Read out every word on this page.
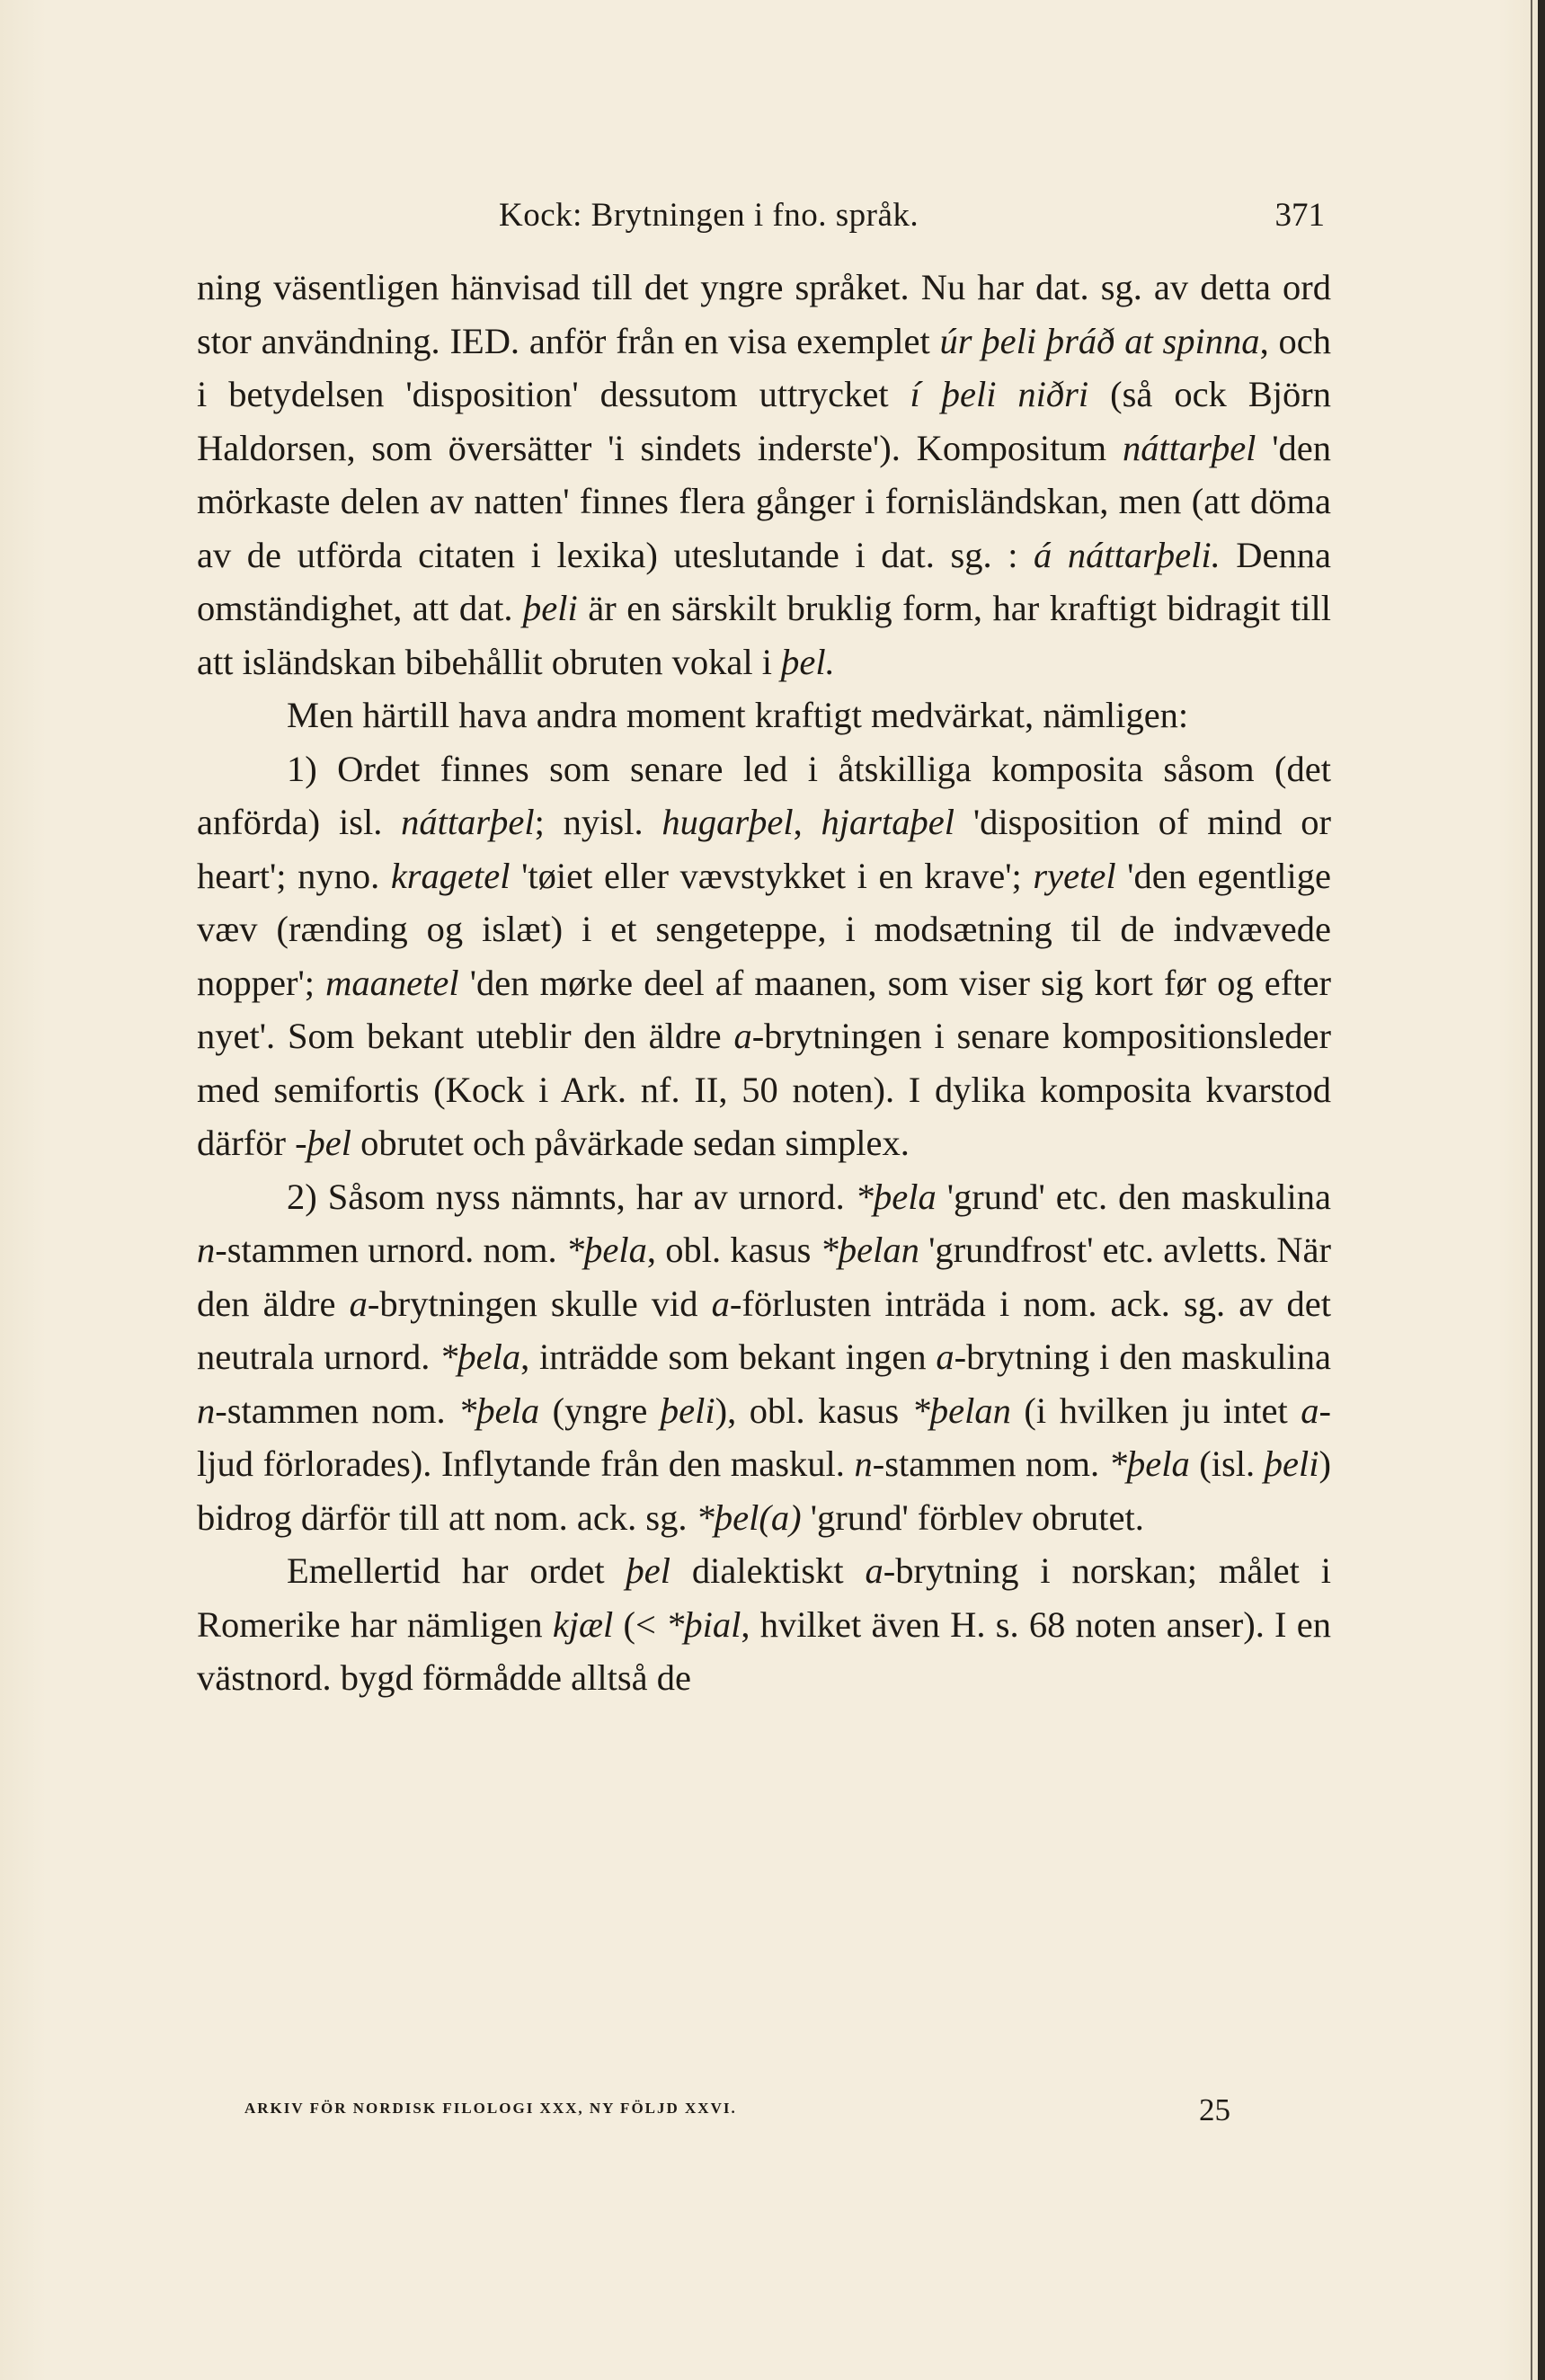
Kock: Brytningen i fno. språk.	371

ning väsentligen hänvisad till det yngre språket. Nu har dat. sg. av detta ord stor användning. IED. anför från en visa exemplet úr þeli þráð at spinna, och i betydelsen 'disposition' dessutom uttrycket í þeli niðri (så ock Björn Haldorsen, som översätter 'i sindets inderste'). Kompositum náttarþel 'den mörkaste delen av natten' finnes flera gånger i fornisländskan, men (att döma av de utförda citaten i lexika) uteslutande i dat. sg. : á náttarþeli. Denna omständighet, att dat. þeli är en särskilt bruklig form, har kraftigt bidragit till att isländskan bibehållit obruten vokal i þel.

Men härtill hava andra moment kraftigt medvärkat, nämligen:

1) Ordet finnes som senare led i åtskilliga komposita såsom (det anförda) isl. náttarþel; nyisl. hugarþel, hjartaþel 'disposition of mind or heart'; nyno. kragetel 'tøiet eller vævstykket i en krave'; ryetel 'den egentlige væv (rænding og islæt) i et sengeteppe, i modsætning til de indvævede nopper'; maanetel 'den mørke deel af maanen, som viser sig kort før og efter nyet'. Som bekant uteblir den äldre a-brytningen i senare kompositionsleder med semifortis (Kock i Ark. nf. II, 50 noten). I dylika komposita kvarstod därför -þel obrutet och påvärkade sedan simplex.

2) Såsom nyss nämnts, har av urnord. *þela 'grund' etc. den maskulina n-stammen urnord. nom. *þela, obl. kasus *þelan 'grundfrost' etc. avletts. När den äldre a-brytningen skulle vid a-förlusten inträda i nom. ack. sg. av det neutrala urnord. *þela, inträdde som bekant ingen a-brytning i den maskulina n-stammen nom. *þela (yngre þeli), obl. kasus *þelan (i hvilken ju intet a-ljud förlorades). Inflytande från den maskul. n-stammen nom. *þela (isl. þeli) bidrog därför till att nom. ack. sg. *þel(a) 'grund' förblev obrutet.

Emellertid har ordet þel dialektiskt a-brytning i norskan; målet i Romerike har nämligen kjæl (< *þial, hvilket även H. s. 68 noten anser). I en västnord. bygd förmådde alltså de

ARKIV FÖR NORDISK FILOLOGI XXX, NY FÖLJD XXVI.	25
